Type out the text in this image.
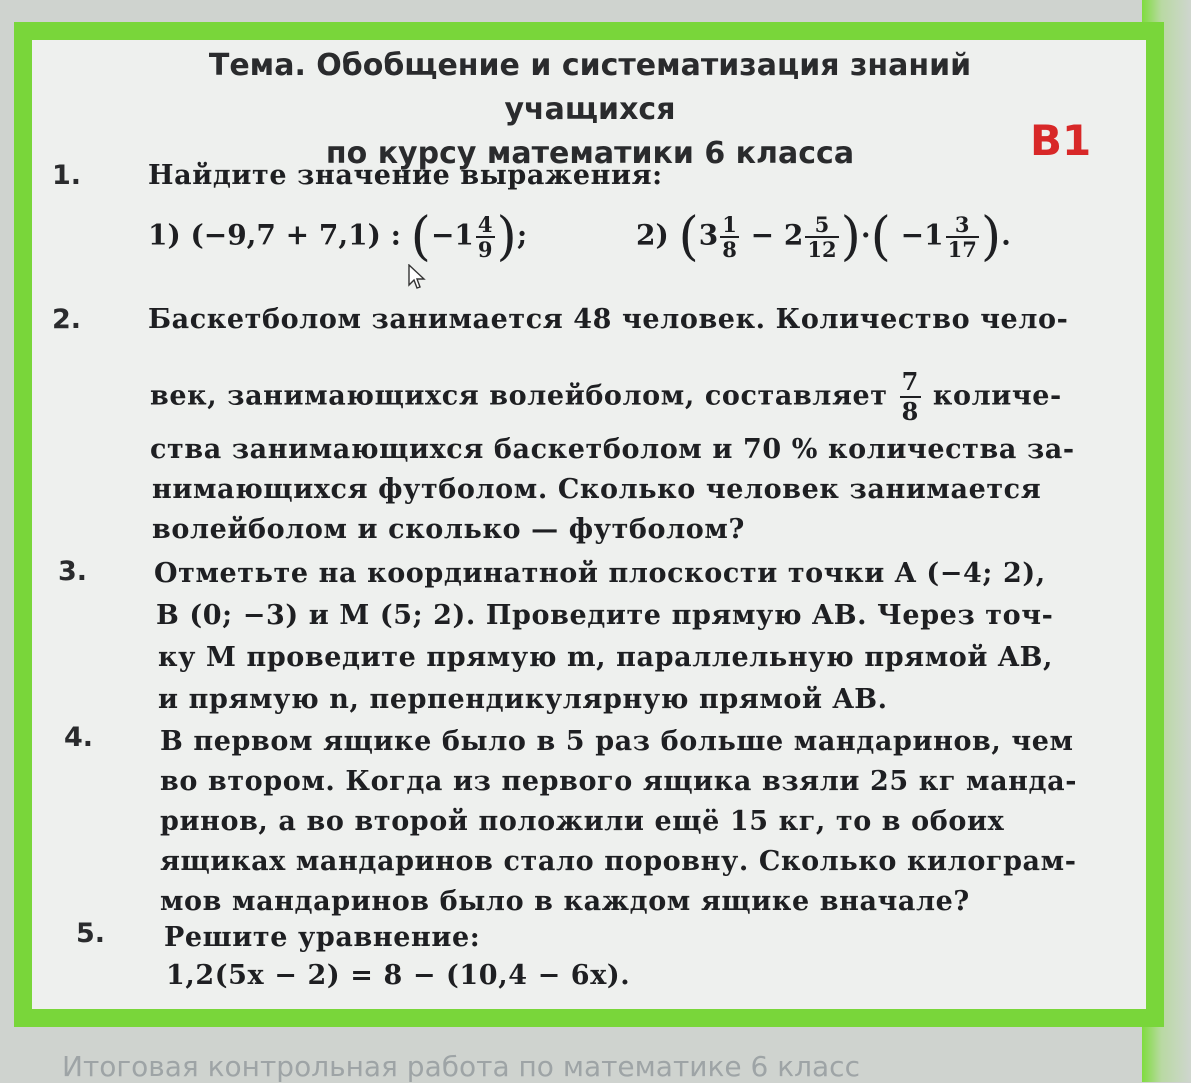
Тема. Обобщение и систематизация знаний учащихся
по курсу математики 6 класса	B1
1. Найдите значение выражения:
1) (−9,7 + 7,1) : ($-1 \frac{4}{9}$ );	2) ($3 \frac{1}{8} - 2 \frac{5}{12}$ )·( $-1 \frac{3}{17}$ ).
2. Баскетболом занимается 48 человек. Количество чело-
век, занимающихся волейболом, составляет $\frac{7}{8}$ количе-
ства занимающихся баскетболом и 70 % количества за-
нимающихся футболом. Сколько человек занимается
волейболом и сколько — футболом?
3. Отметьте на координатной плоскости точки A (−4; 2),
B (0; −3) и M (5; 2). Проведите прямую AB. Через точ-
ку M проведите прямую m, параллельную прямой AB,
и прямую n, перпендикулярную прямой AB.
4. В первом ящике было в 5 раз больше мандаринов, чем
во втором. Когда из первого ящика взяли 25 кг манда-
ринов, а во второй положили ещё 15 кг, то в обоих
ящиках мандаринов стало поровну. Сколько килограм-
мов мандаринов было в каждом ящике вначале?
5. Решите уравнение:
1,2(5x − 2) = 8 − (10,4 − 6x).
Итоговая контрольная работа по математике 6 класс
